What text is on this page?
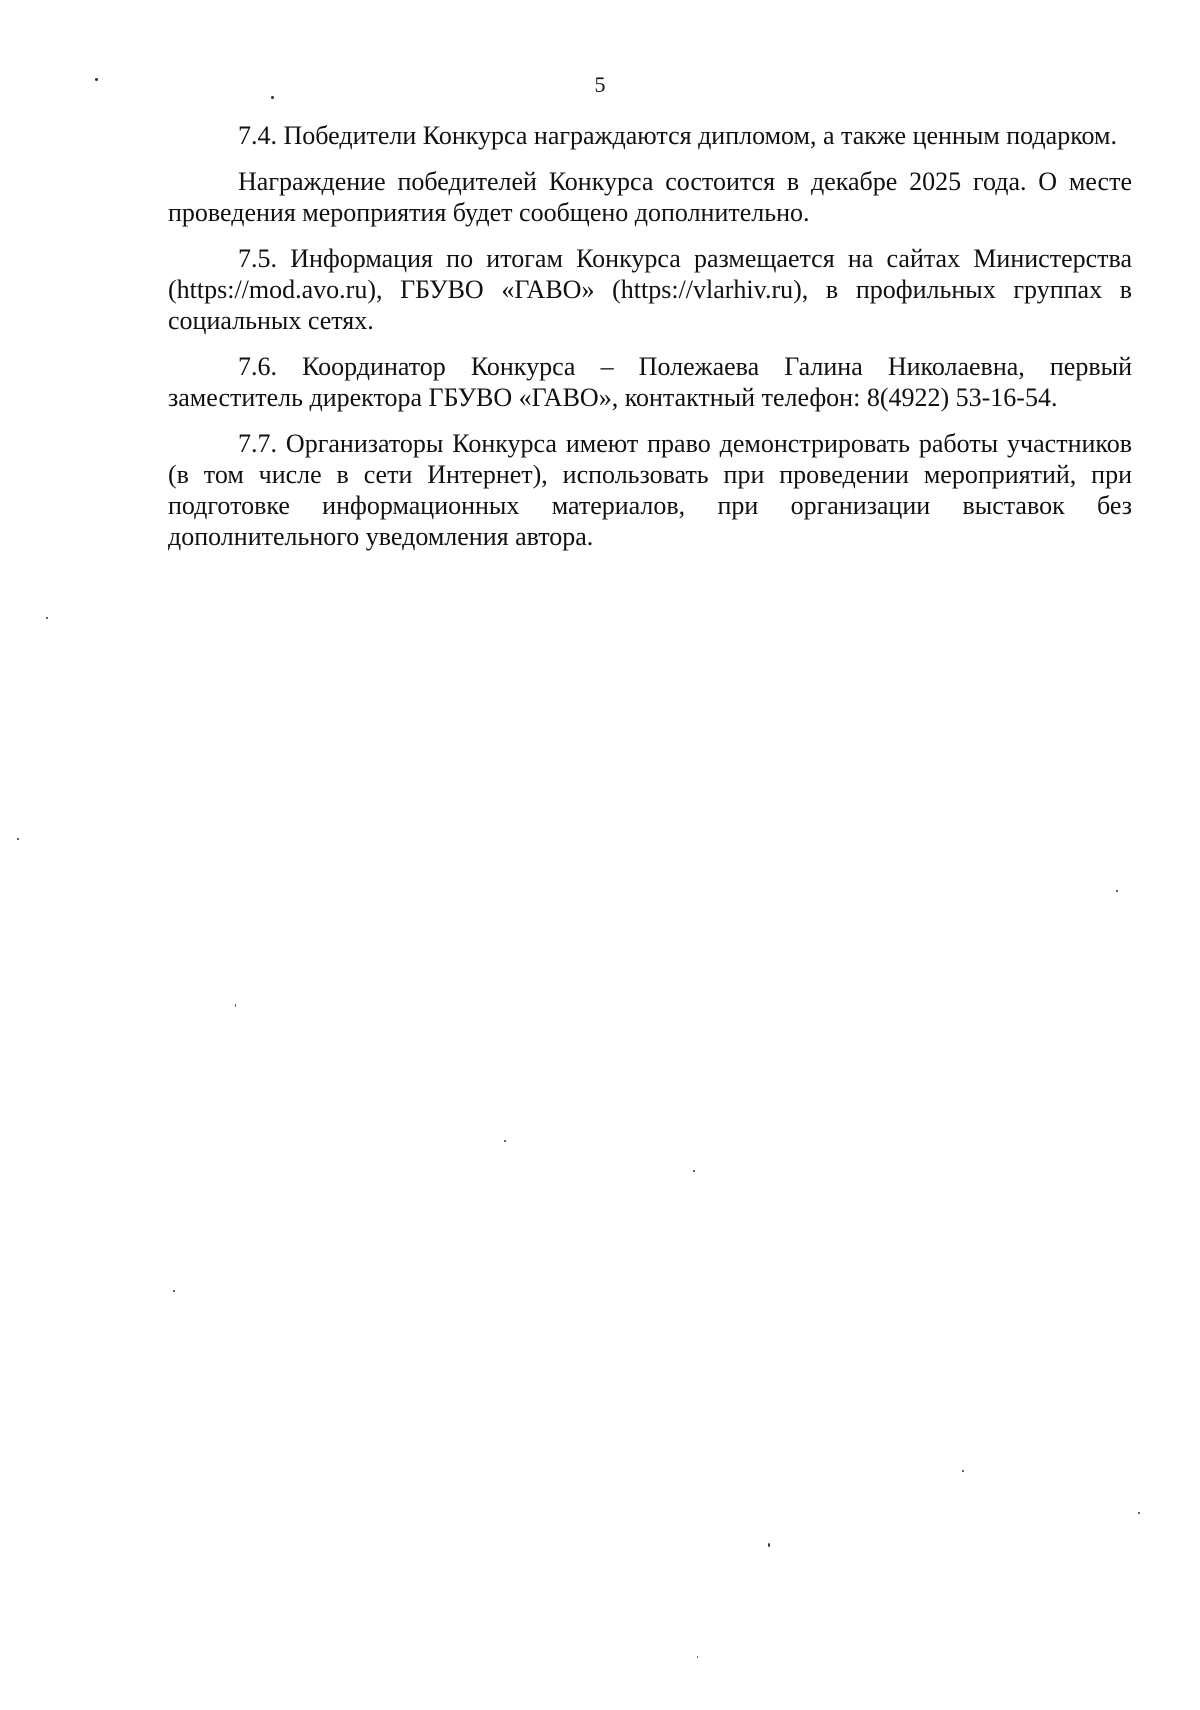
5

7.4. Победители Конкурса награждаются дипломом, а также ценным подарком.

Награждение победителей Конкурса состоится в декабре 2025 года. О месте проведения мероприятия будет сообщено дополнительно.

7.5. Информация по итогам Конкурса размещается на сайтах Министерства (https://mod.avo.ru), ГБУВО «ГАВО» (https://vlarhiv.ru), в профильных группах в социальных сетях.

7.6. Координатор Конкурса – Полежаева Галина Николаевна, первый заместитель директора ГБУВО «ГАВО», контактный телефон: 8(4922) 53-16-54.

7.7. Организаторы Конкурса имеют право демонстрировать работы участников (в том числе в сети Интернет), использовать при проведении мероприятий, при подготовке информационных материалов, при организации выставок без дополнительного уведомления автора.
